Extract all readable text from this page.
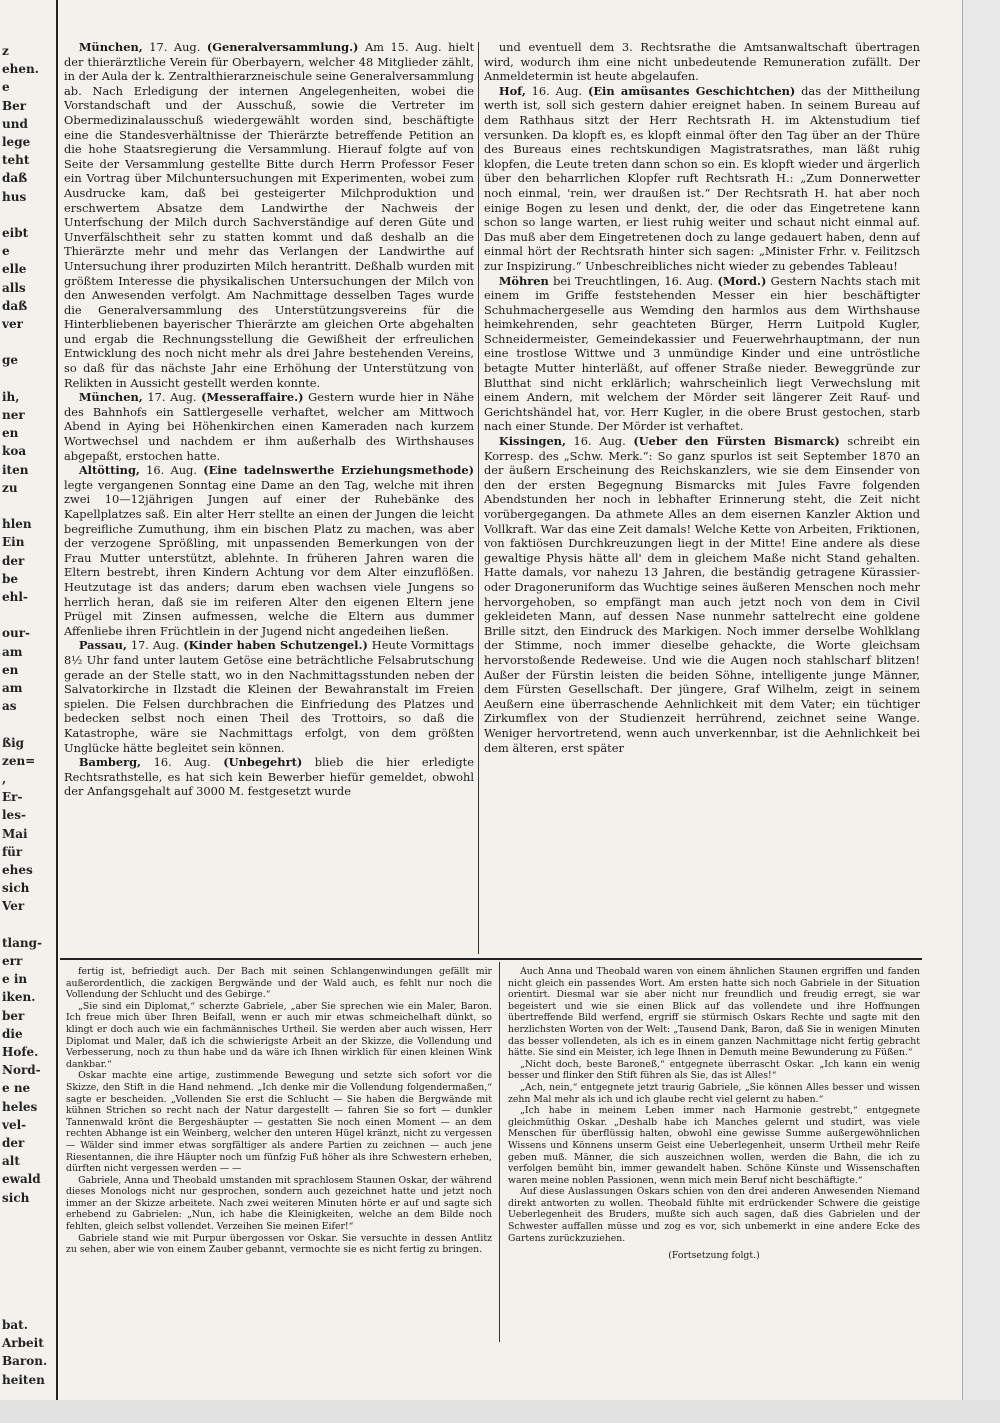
z
ehen.
e
Ber
und
lege
teht
daß
hus
eibt
e
elle
alls
daß
ver
ge
ih,
ner
en
koa
iten
zu
hlen
Ein
der
be
ehl-
our-
am
en
am
as
ßig
zen=
,
Er-
les-
Mai
für
ehes
sich
Ver
tlang-
err
e in
iken.
ber
die
Hofe.
Nord-
e ne
heles
vel-
der
alt
ewald
sich
bat.
Arbeit
Baron.
heiten

München, 17. Aug. (Generalversammlung.) Am 15. Aug. hielt der thierärztliche Verein für Oberbayern, welcher 48 Mitglieder zählt, in der Aula der k. Zentralthierarzneischule seine Generalversammlung ab. Nach Erledigung der internen Angelegenheiten, wobei die Vorstandschaft und der Ausschuß, sowie die Vertreter im Obermedizinalausschuß wiedergewählt worden sind, beschäftigte eine die Standesverhältnisse der Thierärzte betreffende Petition an die hohe Staatsregierung die Versammlung. Hierauf folgte auf von Seite der Versammlung gestellte Bitte durch Herrn Professor Feser ein Vortrag über Milchuntersuchungen mit Experimenten, wobei zum Ausdrucke kam, daß bei gesteigerter Milchproduktion und erschwertem Absatze dem Landwirthe der Nachweis der Unterfschung der Milch durch Sachverständige auf deren Güte und Unverfälschtheit sehr zu statten kommt und daß deshalb an die Thierärzte mehr und mehr das Verlangen der Landwirthe auf Untersuchung ihrer produzirten Milch herantritt. Deßhalb wurden mit größtem Interesse die physikalischen Untersuchungen der Milch von den Anwesenden verfolgt. Am Nachmittage desselben Tages wurde die Generalversammlung des Unterstützungsvereins für die Hinterbliebenen bayerischer Thierärzte am gleichen Orte abgehalten und ergab die Rechnungsstellung die Gewißheit der erfreulichen Entwicklung des noch nicht mehr als drei Jahre bestehenden Vereins, so daß für das nächste Jahr eine Erhöhung der Unterstützung von Relikten in Aussicht gestellt werden konnte.

München, 17. Aug. (Messeraffaire.) Gestern wurde hier in Nähe des Bahnhofs ein Sattlergeselle verhaftet, welcher am Mittwoch Abend in Aying bei Höhenkirchen einen Kameraden nach kurzem Wortwechsel und nachdem er ihm außerhalb des Wirthshauses abgepaßt, erstochen hatte.

Altötting, 16. Aug. (Eine tadelnswerthe Erziehungsmethode) legte vergangenen Sonntag eine Dame an den Tag, welche mit ihren zwei 10—12jährigen Jungen auf einer der Ruhebänke des Kapellplatzes saß. Ein alter Herr stellte an einen der Jungen die leicht begreifliche Zumuthung, ihm ein bischen Platz zu machen, was aber der verzogene Sprößling, mit unpassenden Bemerkungen von der Frau Mutter unterstützt, ablehnte. In früheren Jahren waren die Eltern bestrebt, ihren Kindern Achtung vor dem Alter einzuflößen. Heutzutage ist das anders; darum eben wachsen viele Jungens so herrlich heran, daß sie im reiferen Alter den eigenen Eltern jene Prügel mit Zinsen aufmessen, welche die Eltern aus dummer Affenliebe ihren Früchtlein in der Jugend nicht angedeihen ließen.

Passau, 17. Aug. (Kinder haben Schutzengel.) Heute Vormittags 8½ Uhr fand unter lautem Getöse eine beträchtliche Felsabrutschung gerade an der Stelle statt, wo in den Nachmittagsstunden neben der Salvatorkirche in Ilzstadt die Kleinen der Bewahranstalt im Freien spielen. Die Felsen durchbrachen die Einfriedung des Platzes und bedecken selbst noch einen Theil des Trottoirs, so daß die Katastrophe, wäre sie Nachmittags erfolgt, von dem größten Unglücke hätte begleitet sein können.

Bamberg, 16. Aug. (Unbegehrt) blieb die hier erledigte Rechtsrathstelle, es hat sich kein Bewerber hiefür gemeldet, obwohl der Anfangsgehalt auf 3000 M. festgesetzt wurde

und eventuell dem 3. Rechtsrathe die Amtsanwaltschaft übertragen wird, wodurch ihm eine nicht unbedeutende Remuneration zufällt. Der Anmeldetermin ist heute abgelaufen.

Hof, 16. Aug. (Ein amüsantes Geschichtchen) das der Mittheilung werth ist, soll sich gestern dahier ereignet haben. In seinem Bureau auf dem Rathhaus sitzt der Herr Rechtsrath H. im Aktenstudium tief versunken. Da klopft es, es klopft einmal öfter den Tag über an der Thüre des Bureaus eines rechtskundigen Magistratsrathes, man läßt ruhig klopfen, die Leute treten dann schon so ein. Es klopft wieder und ärgerlich über den beharrlichen Klopfer ruft Rechtsrath H.: „Zum Donnerwetter noch einmal, 'rein, wer draußen ist.“ Der Rechtsrath H. hat aber noch einige Bogen zu lesen und denkt, der, die oder das Eingetretene kann schon so lange warten, er liest ruhig weiter und schaut nicht einmal auf. Das muß aber dem Eingetretenen doch zu lange gedauert haben, denn auf einmal hört der Rechtsrath hinter sich sagen: „Minister Frhr. v. Feilitzsch zur Inspizirung.“ Unbeschreibliches nicht wieder zu gebendes Tableau!

Möhren bei Treuchtlingen, 16. Aug. (Mord.) Gestern Nachts stach mit einem im Griffe feststehenden Messer ein hier beschäftigter Schuhmachergeselle aus Wemding den harmlos aus dem Wirthshause heimkehrenden, sehr geachteten Bürger, Herrn Luitpold Kugler, Schneidermeister, Gemeindekassier und Feuerwehrhauptmann, der nun eine trostlose Wittwe und 3 unmündige Kinder und eine untröstliche betagte Mutter hinterläßt, auf offener Straße nieder. Beweggründe zur Blutthat sind nicht erklärlich; wahrscheinlich liegt Verwechslung mit einem Andern, mit welchem der Mörder seit längerer Zeit Rauf- und Gerichtshändel hat, vor. Herr Kugler, in die obere Brust gestochen, starb nach einer Stunde. Der Mörder ist verhaftet.

Kissingen, 16. Aug. (Ueber den Fürsten Bismarck) schreibt ein Korresp. des „Schw. Merk.“: So ganz spurlos ist seit September 1870 an der äußern Erscheinung des Reichskanzlers, wie sie dem Einsender von den der ersten Begegnung Bismarcks mit Jules Favre folgenden Abendstunden her noch in lebhafter Erinnerung steht, die Zeit nicht vorübergegangen. Da athmete Alles an dem eisernen Kanzler Aktion und Vollkraft. War das eine Zeit damals! Welche Kette von Arbeiten, Friktionen, von faktiösen Durchkreuzungen liegt in der Mitte! Eine andere als diese gewaltige Physis hätte all' dem in gleichem Maße nicht Stand gehalten. Hatte damals, vor nahezu 13 Jahren, die beständig getragene Kürassier- oder Dragoneruniform das Wuchtige seines äußeren Menschen noch mehr hervorgehoben, so empfängt man auch jetzt noch von dem in Civil gekleideten Mann, auf dessen Nase nunmehr sattelrecht eine goldene Brille sitzt, den Eindruck des Markigen. Noch immer derselbe Wohlklang der Stimme, noch immer dieselbe gehackte, die Worte gleichsam hervorstoßende Redeweise. Und wie die Augen noch stahlscharf blitzen! Außer der Fürstin leisten die beiden Söhne, intelligente junge Männer, dem Fürsten Gesellschaft. Der jüngere, Graf Wilhelm, zeigt in seinem Aeußern eine überraschende Aehnlichkeit mit dem Vater; ein tüchtiger Zirkumflex von der Studienzeit herrührend, zeichnet seine Wange. Weniger hervortretend, wenn auch unverkennbar, ist die Aehnlichkeit bei dem älteren, erst später

fertig ist, befriedigt auch. Der Bach mit seinen Schlangenwindungen gefällt mir außerordentlich, die zackigen Bergwände und der Wald auch, es fehlt nur noch die Vollendung der Schlucht und des Gebirge.“

„Sie sind ein Diplomat,“ scherzte Gabriele, „aber Sie sprechen wie ein Maler, Baron. Ich freue mich über Ihren Beifall, wenn er auch mir etwas schmeichelhaft dünkt, so klingt er doch auch wie ein fachmännisches Urtheil. Sie werden aber auch wissen, Herr Diplomat und Maler, daß ich die schwierigste Arbeit an der Skizze, die Vollendung und Verbesserung, noch zu thun habe und da wäre ich Ihnen wirklich für einen kleinen Wink dankbar.“

Oskar machte eine artige, zustimmende Bewegung und setzte sich sofort vor die Skizze, den Stift in die Hand nehmend. „Ich denke mir die Vollendung folgendermaßen,“ sagte er bescheiden. „Vollenden Sie erst die Schlucht — Sie haben die Bergwände mit kühnen Strichen so recht nach der Natur dargestellt — fahren Sie so fort — dunkler Tannenwald krönt die Bergeshäupter — gestatten Sie noch einen Moment — an dem rechten Abhange ist ein Weinberg, welcher den unteren Hügel kränzt, nicht zu vergessen — Wälder sind immer etwas sorgfältiger als andere Partien zu zeichnen — auch jene Riesentannen, die ihre Häupter noch um fünfzig Fuß höher als ihre Schwestern erheben, dürften nicht vergessen werden — —

Gabriele, Anna und Theobald umstanden mit sprachlosem Staunen Oskar, der während dieses Monologs nicht nur gesprochen, sondern auch gezeichnet hatte und jetzt noch immer an der Skizze arbeitete. Nach zwei weiteren Minuten hörte er auf und sagte sich erhebend zu Gabrielen: „Nun, ich habe die Kleinigkeiten, welche an dem Bilde noch fehlten, gleich selbst vollendet. Verzeihen Sie meinen Eifer!“

Gabriele stand wie mit Purpur übergossen vor Oskar. Sie versuchte in dessen Antlitz zu sehen, aber wie von einem Zauber gebannt, vermochte sie es nicht fertig zu bringen.

Auch Anna und Theobald waren von einem ähnlichen Staunen ergriffen und fanden nicht gleich ein passendes Wort. Am ersten hatte sich noch Gabriele in der Situation orientirt. Diesmal war sie aber nicht nur freundlich und freudig erregt, sie war begeistert und wie sie einen Blick auf das vollendete und ihre Hoffnungen übertreffende Bild werfend, ergriff sie stürmisch Oskars Rechte und sagte mit den herzlichsten Worten von der Welt: „Tausend Dank, Baron, daß Sie in wenigen Minuten das besser vollendeten, als ich es in einem ganzen Nachmittage nicht fertig gebracht hätte. Sie sind ein Meister, ich lege Ihnen in Demuth meine Bewunderung zu Füßen.“

„Nicht doch, beste Baroneß,“ entgegnete überrascht Oskar. „Ich kann ein wenig besser und flinker den Stift führen als Sie, das ist Alles!“

„Ach, nein,“ entgegnete jetzt traurig Gabriele, „Sie können Alles besser und wissen zehn Mal mehr als ich und ich glaube recht viel gelernt zu haben.“

„Ich habe in meinem Leben immer nach Harmonie gestrebt,“ entgegnete gleichmüthig Oskar. „Deshalb habe ich Manches gelernt und studirt, was viele Menschen für überflüssig halten, obwohl eine gewisse Summe außergewöhnlichen Wissens und Könnens unserm Geist eine Ueberlegenheit, unserm Urtheil mehr Reife geben muß. Männer, die sich auszeichnen wollen, werden die Bahn, die ich zu verfolgen bemüht bin, immer gewandelt haben. Schöne Künste und Wissenschaften waren meine noblen Passionen, wenn mich mein Beruf nicht beschäftigte.“

Auf diese Auslassungen Oskars schien von den drei anderen Anwesenden Niemand direkt antworten zu wollen. Theobald fühlte mit erdrückender Schwere die geistige Ueberlegenheit des Bruders, mußte sich auch sagen, daß dies Gabrielen und der Schwester auffallen müsse und zog es vor, sich unbemerkt in eine andere Ecke des Gartens zurückzuziehen.

(Fortsetzung folgt.)
